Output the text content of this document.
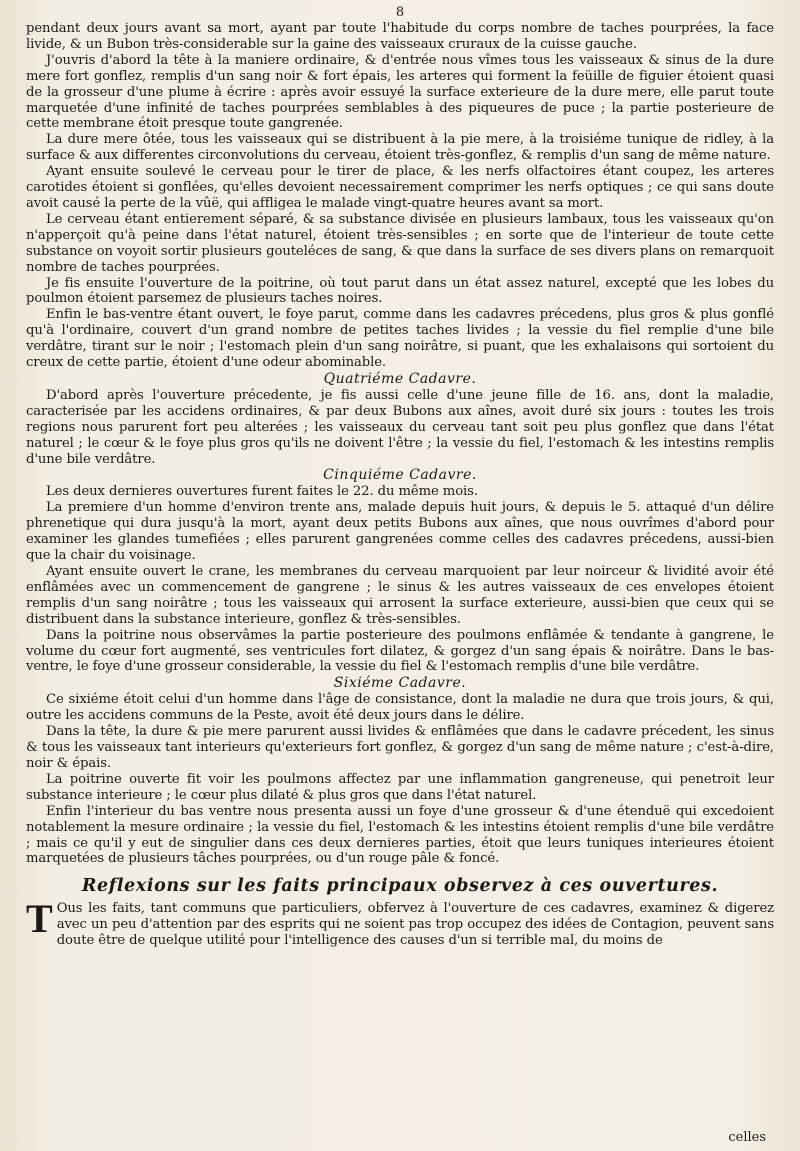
8

pendant deux jours avant sa mort, ayant par toute l'habitude du corps nombre de taches pourprées, la face livide, & un Bubon très-considerable sur la gaine des vaisseaux cruraux de la cuisse gauche.

J'ouvris d'abord la tête à la maniere ordinaire, & d'entrée nous vîmes tous les vaisseaux & sinus de la dure mere fort gonflez, remplis d'un sang noir & fort épais, les arteres qui forment la feüille de figuier étoient quasi de la grosseur d'une plume à écrire : après avoir essuyé la surface exterieure de la dure mere, elle parut toute marquetée d'une infinité de taches pourprées semblables à des piqueures de puce ; la partie posterieure de cette membrane étoit presque toute gangrenée.

La dure mere ôtée, tous les vaisseaux qui se distribuent à la pie mere, à la troisiéme tunique de ridley, à la surface & aux differentes circonvolutions du cerveau, étoient très-gonflez, & remplis d'un sang de même nature.

Ayant ensuite soulevé le cerveau pour le tirer de place, & les nerfs olfactoires étant coupez, les arteres carotides étoient si gonflées, qu'elles devoient necessairement comprimer les nerfs optiques ; ce qui sans doute avoit causé la perte de la vûë, qui affligea le malade vingt-quatre heures avant sa mort.

Le cerveau étant entierement séparé, & sa substance divisée en plusieurs lambaux, tous les vaisseaux qu'on n'apperçoit qu'à peine dans l'état naturel, étoient très-sensibles ; en sorte que de l'interieur de toute cette substance on voyoit sortir plusieurs gouteléces de sang, & que dans la surface de ses divers plans on remarquoit nombre de taches pourprées.

Je fis ensuite l'ouverture de la poitrine, où tout parut dans un état assez naturel, excepté que les lobes du poulmon étoient parsemez de plusieurs taches noires.

Enfin le bas-ventre étant ouvert, le foye parut, comme dans les cadavres précedens, plus gros & plus gonflé qu'à l'ordinaire, couvert d'un grand nombre de petites taches livides ; la vessie du fiel remplie d'une bile verdâtre, tirant sur le noir ; l'estomach plein d'un sang noirâtre, si puant, que les exhalaisons qui sortoient du creux de cette partie, étoient d'une odeur abominable.

Quatriéme Cadavre.

D'abord après l'ouverture précedente, je fis aussi celle d'une jeune fille de 16. ans, dont la maladie, caracterisée par les accidens ordinaires, & par deux Bubons aux aînes, avoit duré six jours : toutes les trois regions nous parurent fort peu alterées ; les vaisseaux du cerveau tant soit peu plus gonflez que dans l'état naturel ; le cœur & le foye plus gros qu'ils ne doivent l'être ; la vessie du fiel, l'estomach & les intestins remplis d'une bile verdâtre.

Cinquiéme Cadavre.

Les deux dernieres ouvertures furent faites le 22. du même mois.

La premiere d'un homme d'environ trente ans, malade depuis huit jours, & depuis le 5. attaqué d'un délire phrenetique qui dura jusqu'à la mort, ayant deux petits Bubons aux aînes, que nous ouvrîmes d'abord pour examiner les glandes tumefiées ; elles parurent gangrenées comme celles des cadavres précedens, aussi-bien que la chair du voisinage.

Ayant ensuite ouvert le crane, les membranes du cerveau marquoient par leur noirceur & lividité avoir été enflâmées avec un commencement de gangrene ; le sinus & les autres vaisseaux de ces envelopes étoient remplis d'un sang noirâtre ; tous les vaisseaux qui arrosent la surface exterieure, aussi-bien que ceux qui se distribuent dans la substance interieure, gonflez & très-sensibles.

Dans la poitrine nous observâmes la partie posterieure des poulmons enflâmée & tendante à gangrene, le volume du cœur fort augmenté, ses ventricules fort dilatez, & gorgez d'un sang épais & noirâtre. Dans le bas-ventre, le foye d'une grosseur considerable, la vessie du fiel & l'estomach remplis d'une bile verdâtre.

Sixiéme Cadavre.

Ce sixiéme étoit celui d'un homme dans l'âge de consistance, dont la maladie ne dura que trois jours, & qui, outre les accidens communs de la Peste, avoit été deux jours dans le délire.

Dans la tête, la dure & pie mere parurent aussi livides & enflâmées que dans le cadavre précedent, les sinus & tous les vaisseaux tant interieurs qu'exterieurs fort gonflez, & gorgez d'un sang de même nature ; c'est-à-dire, noir & épais.

La poitrine ouverte fit voir les poulmons affectez par une inflammation gangreneuse, qui penetroit leur substance interieure ; le cœur plus dilaté & plus gros que dans l'état naturel.

Enfin l'interieur du bas ventre nous presenta aussi un foye d'une grosseur & d'une étenduë qui excedoient notablement la mesure ordinaire ; la vessie du fiel, l'estomach & les intestins étoient remplis d'une bile verdâtre ; mais ce qu'il y eut de singulier dans ces deux dernieres parties, étoit que leurs tuniques interieures étoient marquetées de plusieurs tâches pourprées, ou d'un rouge pâle & foncé.

Reflexions sur les faits principaux observez à ces ouvertures.
T Ous les faits, tant communs que particuliers, obfervez à l'ouverture de ces cadavres, examinez & digerez avec un peu d'attention par des esprits qui ne soient pas trop occupez des idées de Contagion, peuvent sans doute être de quelque utilité pour l'intelligence des causes d'un si terrible mal, du moins de

celles
